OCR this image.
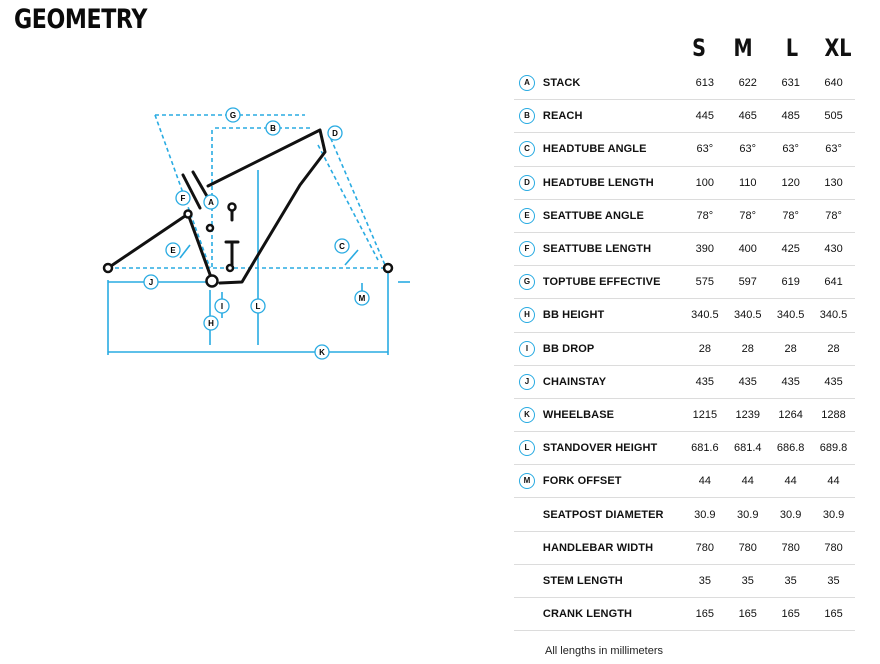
GEOMETRY
G
B
D
F	A
E	C
J
I	L
H
M
K
S	M	L	XL
A	STACK	613	622	631	640
B	REACH	445	465	485	505
C	HEADTUBE ANGLE	63°	63°	63°	63°
D	HEADTUBE LENGTH	100	110	120	130
E	SEATTUBE ANGLE	78°	78°	78°	78°
F	SEATTUBE LENGTH	390	400	425	430
G	TOPTUBE EFFECTIVE	575	597	619	641
H	BB HEIGHT	340.5	340.5	340.5	340.5
I	BB DROP	28	28	28	28
J	CHAINSTAY	435	435	435	435
K	WHEELBASE	1215	1239	1264	1288
L	STANDOVER HEIGHT	681.6	681.4	686.8	689.8
M	FORK OFFSET	44	44	44	44
	SEATPOST DIAMETER	30.9	30.9	30.9	30.9
	HANDLEBAR WIDTH	780	780	780	780
	STEM LENGTH	35	35	35	35
	CRANK LENGTH	165	165	165	165
All lengths in millimeters
